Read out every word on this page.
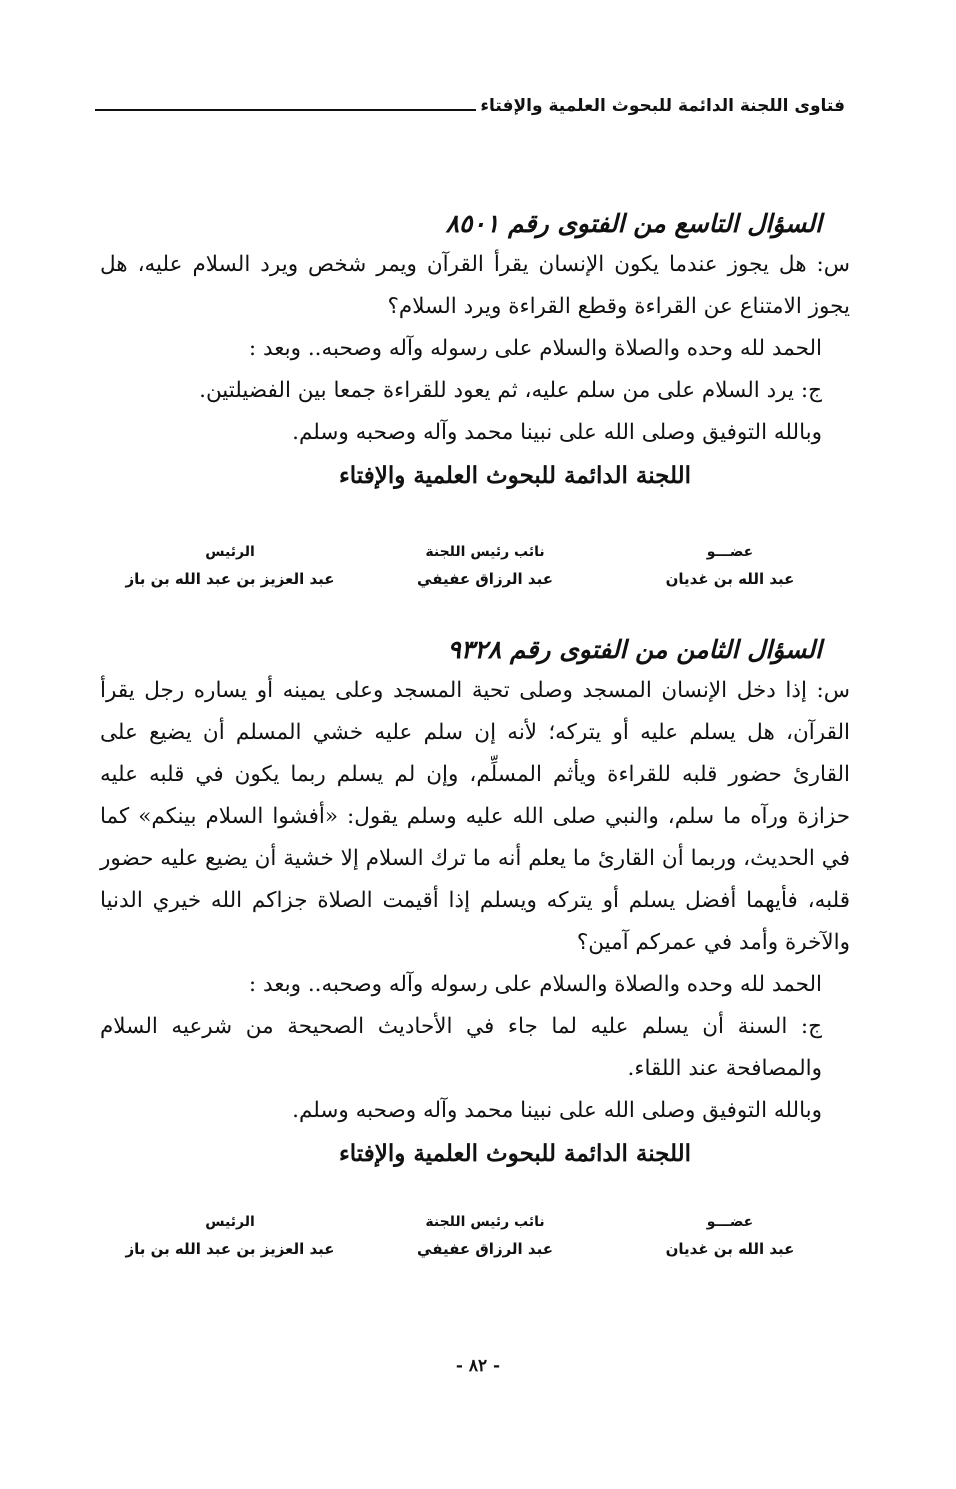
فتاوى اللجنة الدائمة للبحوث العلمية والإفتاء
السؤال التاسع من الفتوى رقم ٨٥٠١

س: هل يجوز عندما يكون الإنسان يقرأ القرآن ويمر شخص ويرد السلام عليه، هل يجوز الامتناع عن القراءة وقطع القراءة ويرد السلام؟

الحمد لله وحده والصلاة والسلام على رسوله وآله وصحبه.. وبعد :

ج: يرد السلام على من سلم عليه، ثم يعود للقراءة جمعا بين الفضيلتين.

وبالله التوفيق وصلى الله على نبينا محمد وآله وصحبه وسلم.

اللجنة الدائمة للبحوث العلمية والإفتاء
عضـــو
عبد الله بن غديان
نائب رئيس اللجنة
عبد الرزاق عفيفي
الرئيس
عبد العزيز بن عبد الله بن باز
السؤال الثامن من الفتوى رقم ٩٣٢٨

س: إذا دخل الإنسان المسجد وصلى تحية المسجد وعلى يمينه أو يساره رجل يقرأ القرآن، هل يسلم عليه أو يتركه؛ لأنه إن سلم عليه خشي المسلم أن يضيع على القارئ حضور قلبه للقراءة ويأثم المسلِّم، وإن لم يسلم ربما يكون في قلبه عليه حزازة ورآه ما سلم، والنبي صلى الله عليه وسلم يقول: «أفشوا السلام بينكم» كما في الحديث، وربما أن القارئ ما يعلم أنه ما ترك السلام إلا خشية أن يضيع عليه حضور قلبه، فأيهما أفضل يسلم أو يتركه ويسلم إذا أقيمت الصلاة جزاكم الله خيري الدنيا والآخرة وأمد في عمركم آمين؟

الحمد لله وحده والصلاة والسلام على رسوله وآله وصحبه.. وبعد :

ج: السنة أن يسلم عليه لما جاء في الأحاديث الصحيحة من شرعيه السلام والمصافحة عند اللقاء.

وبالله التوفيق وصلى الله على نبينا محمد وآله وصحبه وسلم.

اللجنة الدائمة للبحوث العلمية والإفتاء
عضـــو
عبد الله بن غديان
نائب رئيس اللجنة
عبد الرزاق عفيفي
الرئيس
عبد العزيز بن عبد الله بن باز
- ٨٢ -
